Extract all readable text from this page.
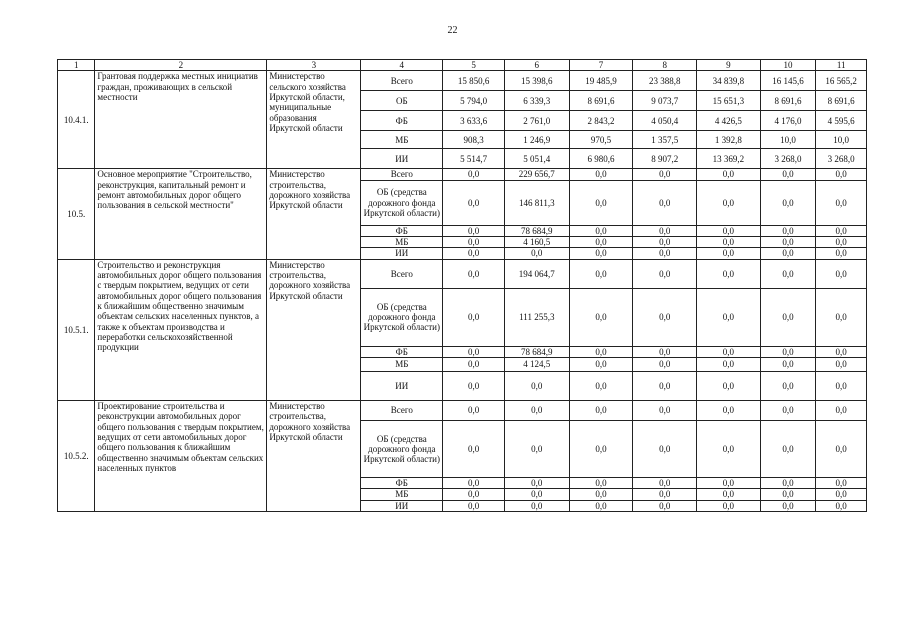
22
1	2	3	4	5	6	7	8	9	10	11
10.4.1.	Грантовая поддержка местных инициатив граждан, проживающих в сельской местности	Министерство сельского хозяйства Иркутской области, муниципальные образования Иркутской области	Всего	15 850,6	15 398,6	19 485,9	23 388,8	34 839,8	16 145,6	16 565,2
			ОБ	5 794,0	6 339,3	8 691,6	9 073,7	15 651,3	8 691,6	8 691,6
			ФБ	3 633,6	2 761,0	2 843,2	4 050,4	4 426,5	4 176,0	4 595,6
			МБ	908,3	1 246,9	970,5	1 357,5	1 392,8	10,0	10,0
			ИИ	5 514,7	5 051,4	6 980,6	8 907,2	13 369,2	3 268,0	3 268,0
10.5.	Основное мероприятие "Строительство, реконструкция, капитальный ремонт и ремонт автомобильных дорог общего пользования в сельской местности"	Министерство строительства, дорожного хозяйства Иркутской области	Всего	0,0	229 656,7	0,0	0,0	0,0	0,0	0,0
			ОБ (средства дорожного фонда Иркутской области)	0,0	146 811,3	0,0	0,0	0,0	0,0	0,0
			ФБ	0,0	78 684,9	0,0	0,0	0,0	0,0	0,0
			МБ	0,0	4 160,5	0,0	0,0	0,0	0,0	0,0
			ИИ	0,0	0,0	0,0	0,0	0,0	0,0	0,0
10.5.1.	Строительство и реконструкция автомобильных дорог общего пользования с твердым покрытием, ведущих от сети автомобильных дорог общего пользования к ближайшим общественно значимым объектам сельских населенных пунктов, а также к объектам производства и переработки сельскохозяйственной продукции	Министерство строительства, дорожного хозяйства Иркутской области	Всего	0,0	194 064,7	0,0	0,0	0,0	0,0	0,0
			ОБ (средства дорожного фонда Иркутской области)	0,0	111 255,3	0,0	0,0	0,0	0,0	0,0
			ФБ	0,0	78 684,9	0,0	0,0	0,0	0,0	0,0
			МБ	0,0	4 124,5	0,0	0,0	0,0	0,0	0,0
			ИИ	0,0	0,0	0,0	0,0	0,0	0,0	0,0
10.5.2.	Проектирование строительства и реконструкции автомобильных дорог общего пользования с твердым покрытием, ведущих от сети автомобильных дорог общего пользования к ближайшим общественно значимым объектам сельских населенных пунктов	Министерство строительства, дорожного хозяйства Иркутской области	Всего	0,0	0,0	0,0	0,0	0,0	0,0	0,0
			ОБ (средства дорожного фонда Иркутской области)	0,0	0,0	0,0	0,0	0,0	0,0	0,0
			ФБ	0,0	0,0	0,0	0,0	0,0	0,0	0,0
			МБ	0,0	0,0	0,0	0,0	0,0	0,0	0,0
			ИИ	0,0	0,0	0,0	0,0	0,0	0,0	0,0
